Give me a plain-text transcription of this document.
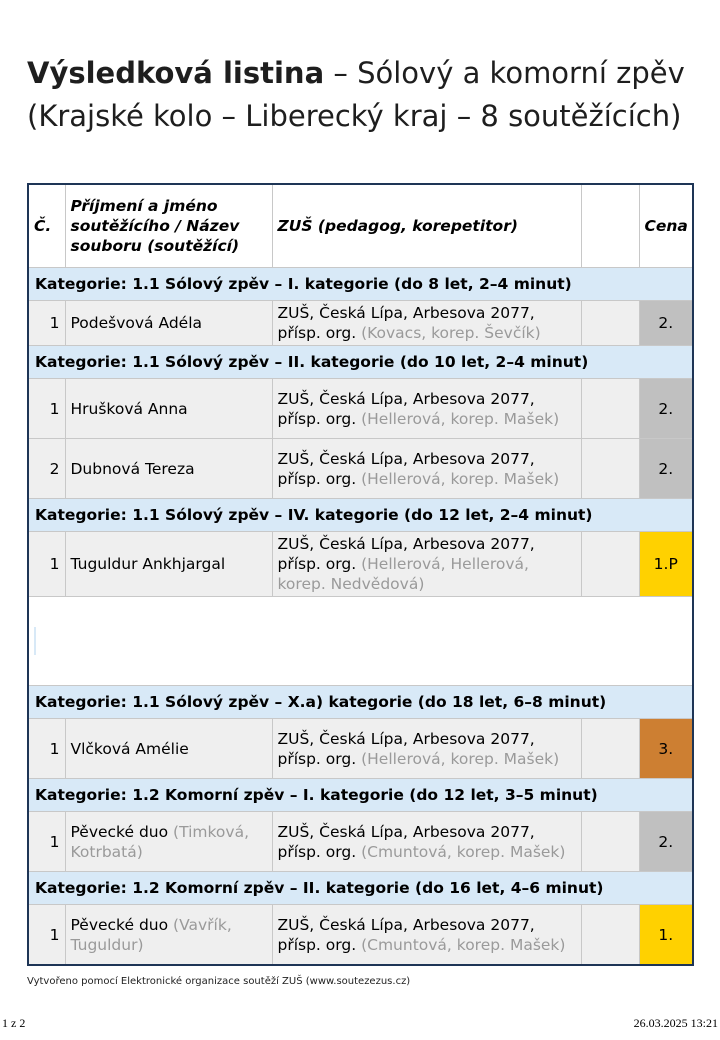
Výsledková listina – Sólový a komorní zpěv (Krajské kolo – Liberecký kraj – 8 soutěžících)
Č.	Příjmení a jméno soutěžícího / Název souboru (soutěžící)	ZUŠ (pedagog, korepetitor)		Cena
Kategorie: 1.1 Sólový zpěv – I. kategorie (do 8 let, 2–4 minut)				
1	Podešvová Adéla	ZUŠ, Česká Lípa, Arbesova 2077, přísp. org. (Kovacs, korep. Ševčík)		2.
Kategorie: 1.1 Sólový zpěv – II. kategorie (do 10 let, 2–4 minut)				
1	Hrušková Anna	ZUŠ, Česká Lípa, Arbesova 2077, přísp. org. (Hellerová, korep. Mašek)		2.
2	Dubnová Tereza	ZUŠ, Česká Lípa, Arbesova 2077, přísp. org. (Hellerová, korep. Mašek)		2.
Kategorie: 1.1 Sólový zpěv – IV. kategorie (do 12 let, 2–4 minut)				
1	Tuguldur Ankhjargal	ZUŠ, Česká Lípa, Arbesova 2077, přísp. org. (Hellerová, Hellerová, korep. Nedvědová)		1.P

Kategorie: 1.1 Sólový zpěv – X.a) kategorie (do 18 let, 6–8 minut)				
1	Vlčková Amélie	ZUŠ, Česká Lípa, Arbesova 2077, přísp. org. (Hellerová, korep. Mašek)		3.
Kategorie: 1.2 Komorní zpěv – I. kategorie (do 12 let, 3–5 minut)				
1	Pěvecké duo (Timková, Kotrbatá)	ZUŠ, Česká Lípa, Arbesova 2077, přísp. org. (Cmuntová, korep. Mašek)		2.
Kategorie: 1.2 Komorní zpěv – II. kategorie (do 16 let, 4–6 minut)				
1	Pěvecké duo (Vavřík, Tuguldur)	ZUŠ, Česká Lípa, Arbesova 2077, přísp. org. (Cmuntová, korep. Mašek)		1.
Vytvořeno pomocí Elektronické organizace soutěží ZUŠ (www.soutezezus.cz)
1 z 2	26.03.2025 13:21
